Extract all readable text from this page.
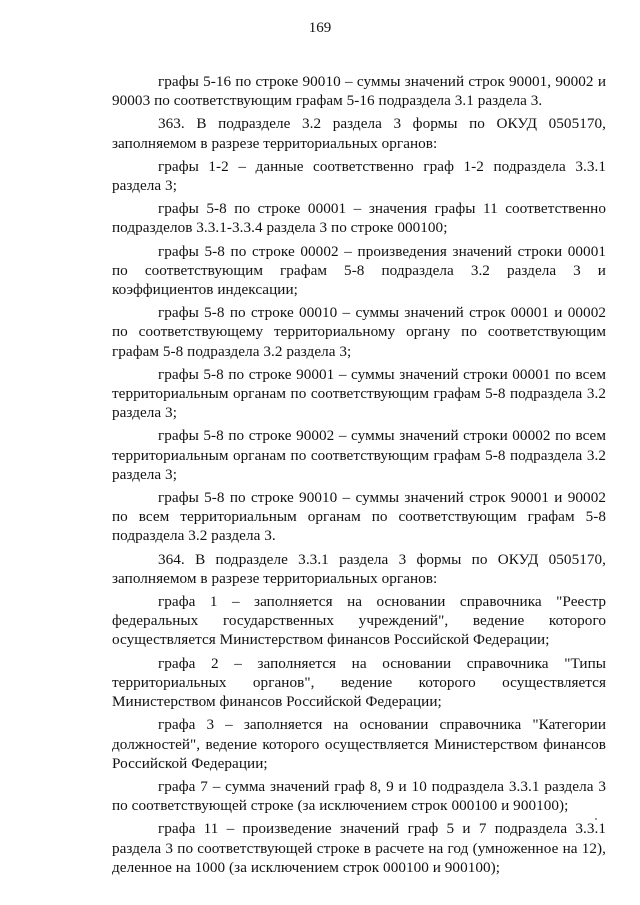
169

графы 5-16 по строке 90010 – суммы значений строк 90001, 90002 и 90003 по соответствующим графам 5-16 подраздела 3.1 раздела 3.

363. В подразделе 3.2 раздела 3 формы по ОКУД 0505170, заполняемом в разрезе территориальных органов:

графы 1-2 – данные соответственно граф 1-2 подраздела 3.3.1 раздела 3;

графы 5-8 по строке 00001 – значения графы 11 соответственно подразделов 3.3.1-3.3.4 раздела 3 по строке 000100;

графы 5-8 по строке 00002 – произведения значений строки 00001 по соответствующим графам 5-8 подраздела 3.2 раздела 3 и коэффициентов индексации;

графы 5-8 по строке 00010 – суммы значений строк 00001 и 00002 по соответствующему территориальному органу по соответствующим графам 5-8 подраздела 3.2 раздела 3;

графы 5-8 по строке 90001 – суммы значений строки 00001 по всем территориальным органам по соответствующим графам 5-8 подраздела 3.2 раздела 3;

графы 5-8 по строке 90002 – суммы значений строки 00002 по всем территориальным органам по соответствующим графам 5-8 подраздела 3.2 раздела 3;

графы 5-8 по строке 90010 – суммы значений строк 90001 и 90002 по всем территориальным органам по соответствующим графам 5-8 подраздела 3.2 раздела 3.

364. В подразделе 3.3.1 раздела 3 формы по ОКУД 0505170, заполняемом в разрезе территориальных органов:

графа 1 – заполняется на основании справочника "Реестр федеральных государственных учреждений", ведение которого осуществляется Министерством финансов Российской Федерации;

графа 2 – заполняется на основании справочника "Типы территориальных органов", ведение которого осуществляется Министерством финансов Российской Федерации;

графа 3 – заполняется на основании справочника "Категории должностей", ведение которого осуществляется Министерством финансов Российской Федерации;

графа 7 – сумма значений граф 8, 9 и 10 подраздела 3.3.1 раздела 3 по соответствующей строке (за исключением строк 000100 и 900100);

графа 11 – произведение значений граф 5 и 7 подраздела 3.3.1 раздела 3 по соответствующей строке в расчете на год (умноженное на 12), деленное на 1000 (за исключением строк 000100 и 900100);
